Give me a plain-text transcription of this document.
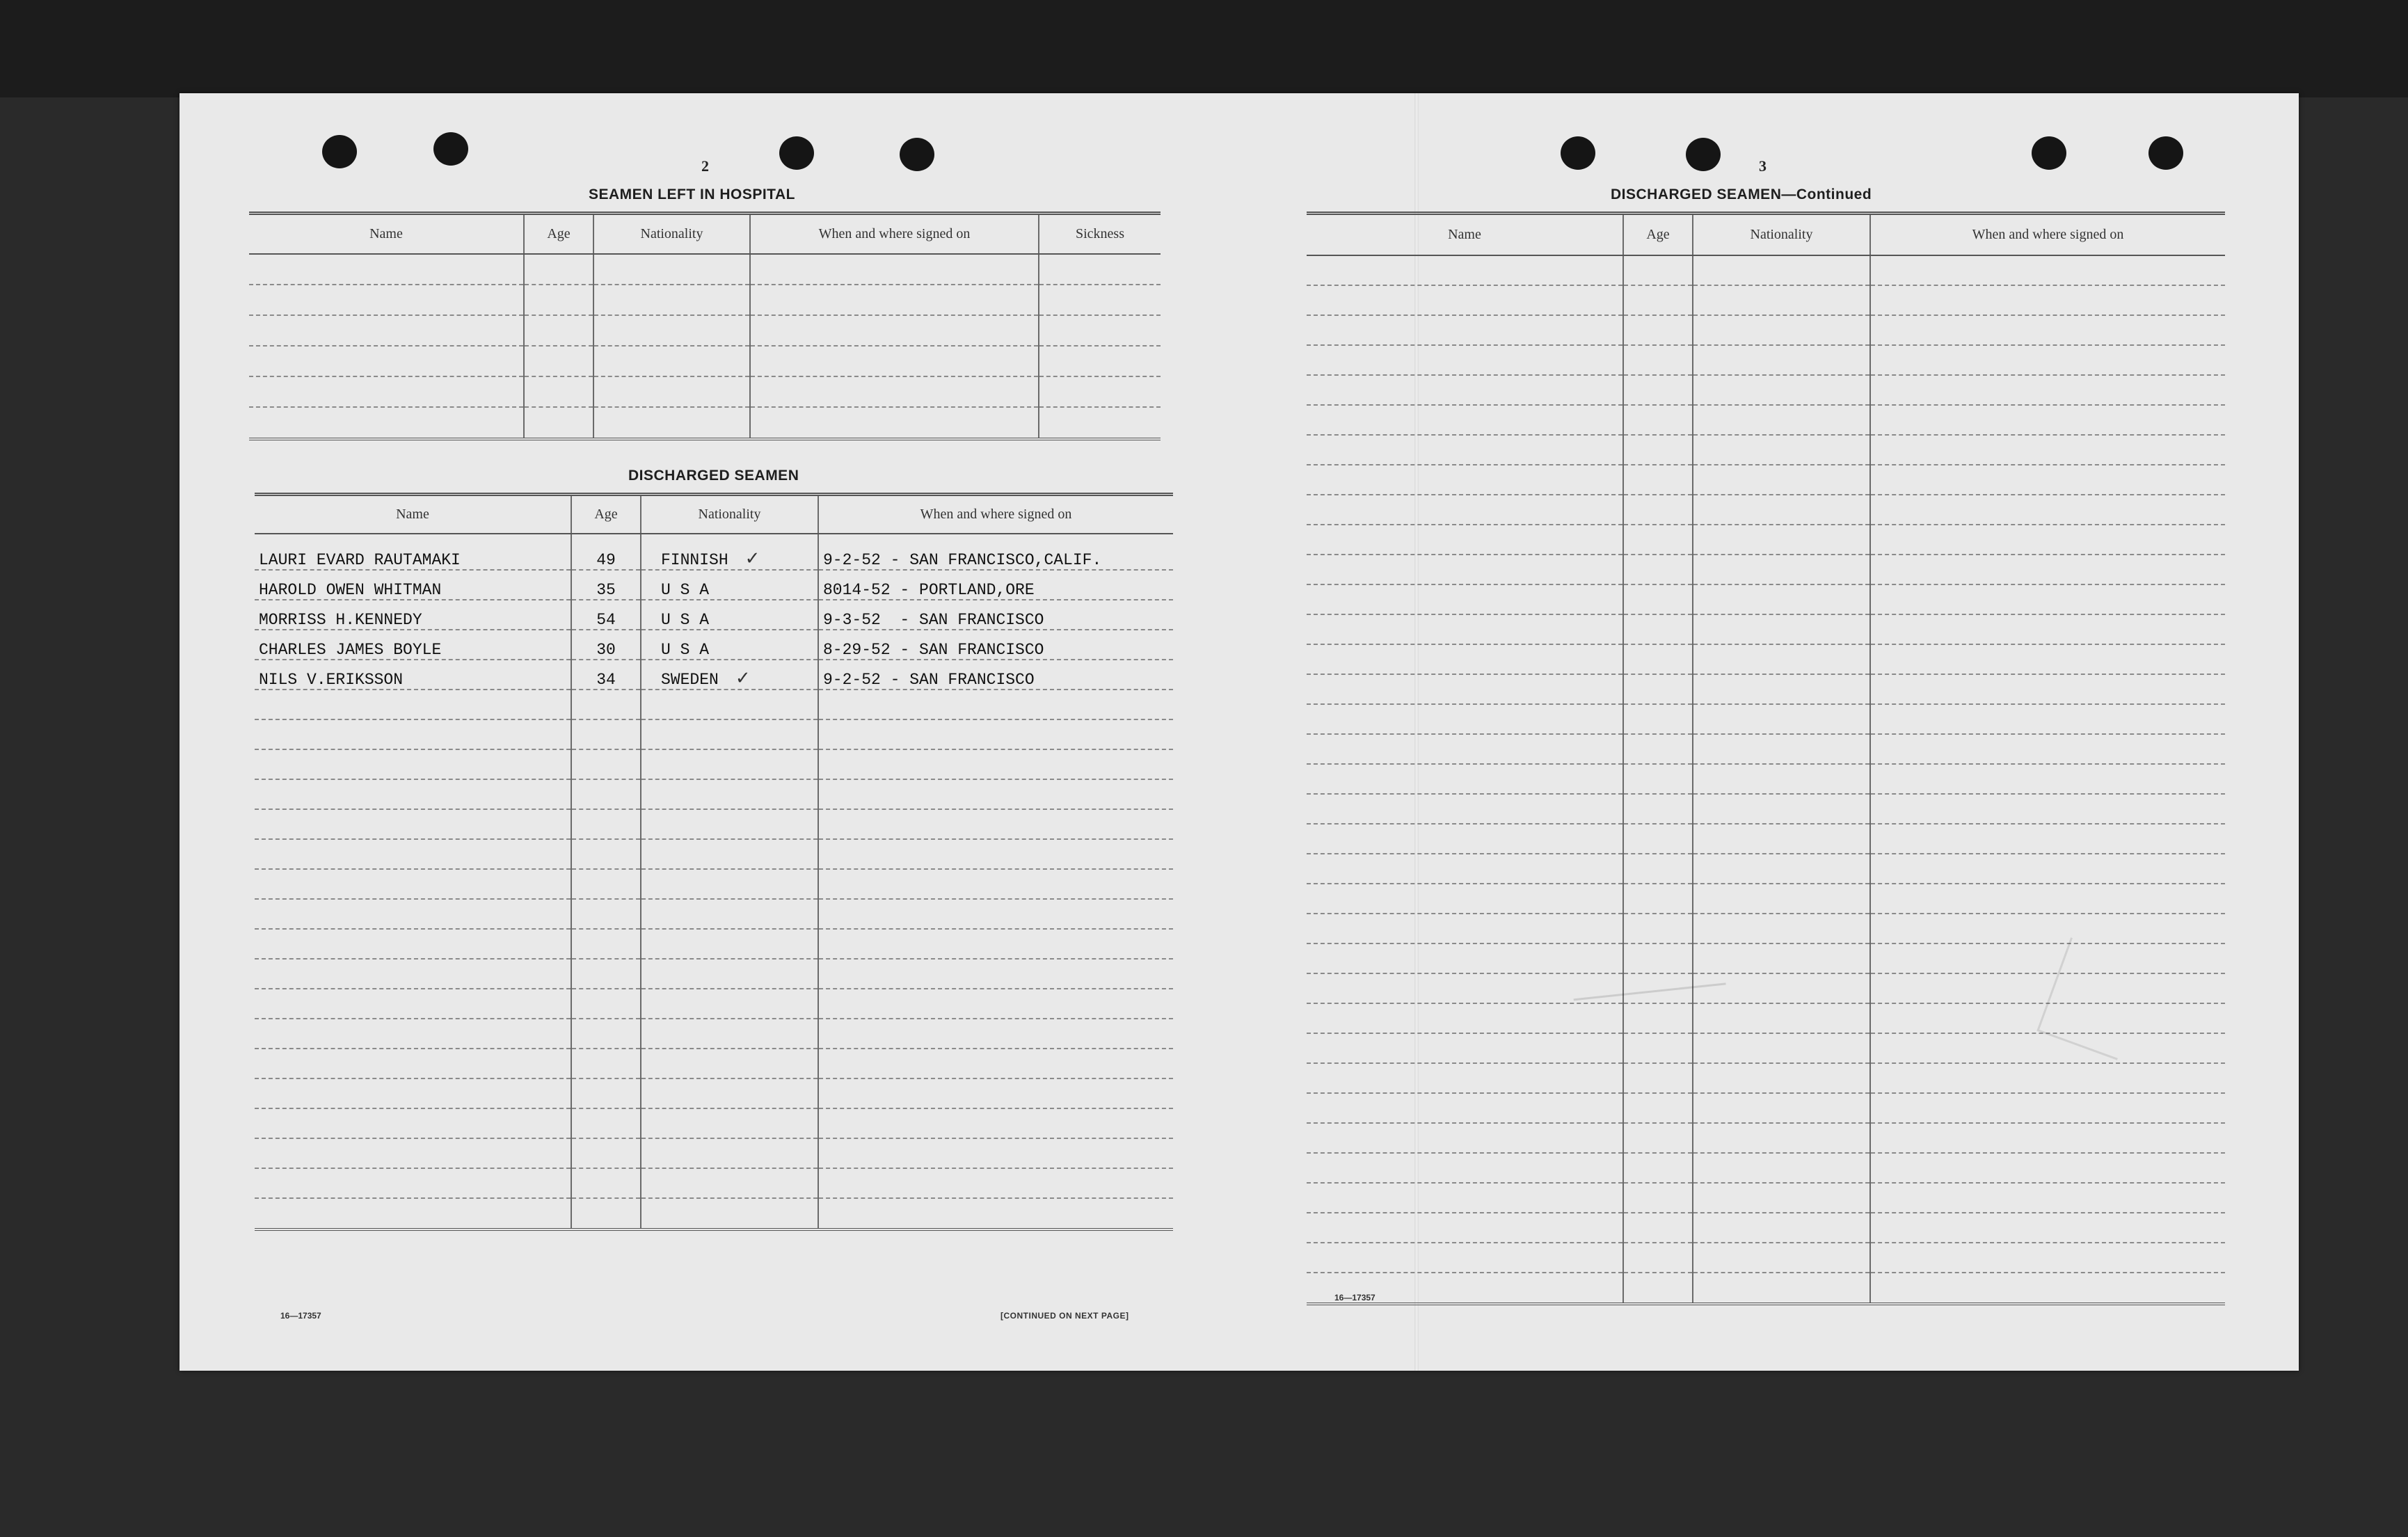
2
SEAMEN LEFT IN HOSPITAL
Name	Age	Nationality	When and where signed on	Sickness

DISCHARGED SEAMEN
Name	Age	Nationality	When and where signed on
LAURI EVARD RAUTAMAKI	49	FINNISH ✓	9-2-52 - SAN FRANCISCO,CALIF.
HAROLD OWEN WHITMAN	35	U S A	8014-52 - PORTLAND,ORE
MORRISS H.KENNEDY	54	U S A	9-3-52  - SAN FRANCISCO
CHARLES JAMES BOYLE	30	U S A	8-29-52 - SAN FRANCISCO
NILS V.ERIKSSON	34	SWEDEN ✓	9-2-52 - SAN FRANCISCO

16—17357	[CONTINUED ON NEXT PAGE]
3
DISCHARGED SEAMEN—Continued
Name	Age	Nationality	When and where signed on

16—17357
